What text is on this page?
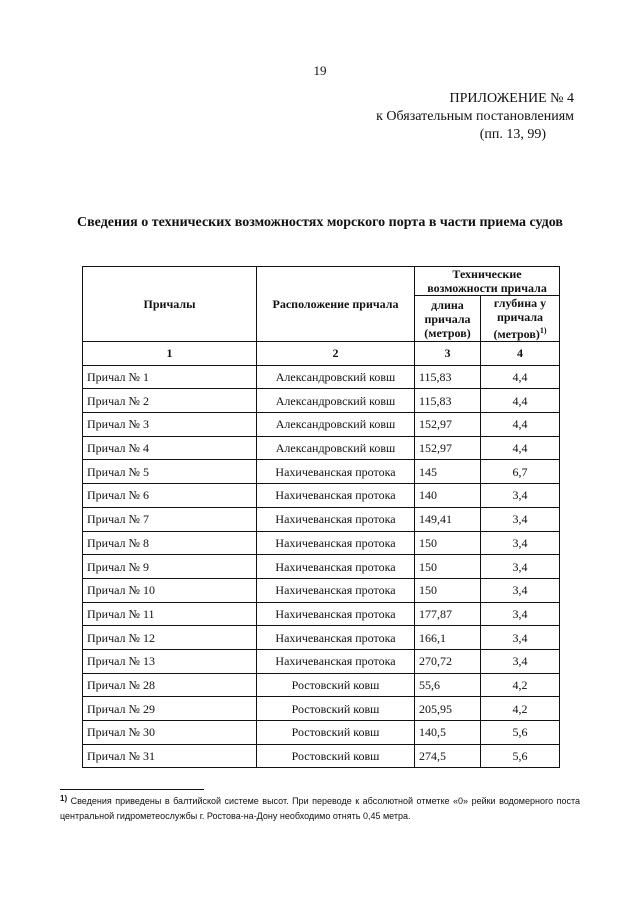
19
ПРИЛОЖЕНИЕ № 4
к Обязательным постановлениям
(пп. 13, 99)
Сведения о технических возможностях морского порта в части приема судов
Причалы	Расположение причала	Технические возможности причала	
		длина причала (метров)	глубина у причала (метров)$^{1)}$
1	2	3	4
Причал № 1	Александровский ковш	115,83	4,4
Причал № 2	Александровский ковш	115,83	4,4
Причал № 3	Александровский ковш	152,97	4,4
Причал № 4	Александровский ковш	152,97	4,4
Причал № 5	Нахичеванская протока	145	6,7
Причал № 6	Нахичеванская протока	140	3,4
Причал № 7	Нахичеванская протока	149,41	3,4
Причал № 8	Нахичеванская протока	150	3,4
Причал № 9	Нахичеванская протока	150	3,4
Причал № 10	Нахичеванская протока	150	3,4
Причал № 11	Нахичеванская протока	177,87	3,4
Причал № 12	Нахичеванская протока	166,1	3,4
Причал № 13	Нахичеванская протока	270,72	3,4
Причал № 28	Ростовский ковш	55,6	4,2
Причал № 29	Ростовский ковш	205,95	4,2
Причал № 30	Ростовский ковш	140,5	5,6
Причал № 31	Ростовский ковш	274,5	5,6
$^{1)}$ Сведения приведены в балтийской системе высот. При переводе к абсолютной отметке «0» рейки водомерного поста центральной гидрометеослужбы г. Ростова-на-Дону необходимо отнять 0,45 метра.
